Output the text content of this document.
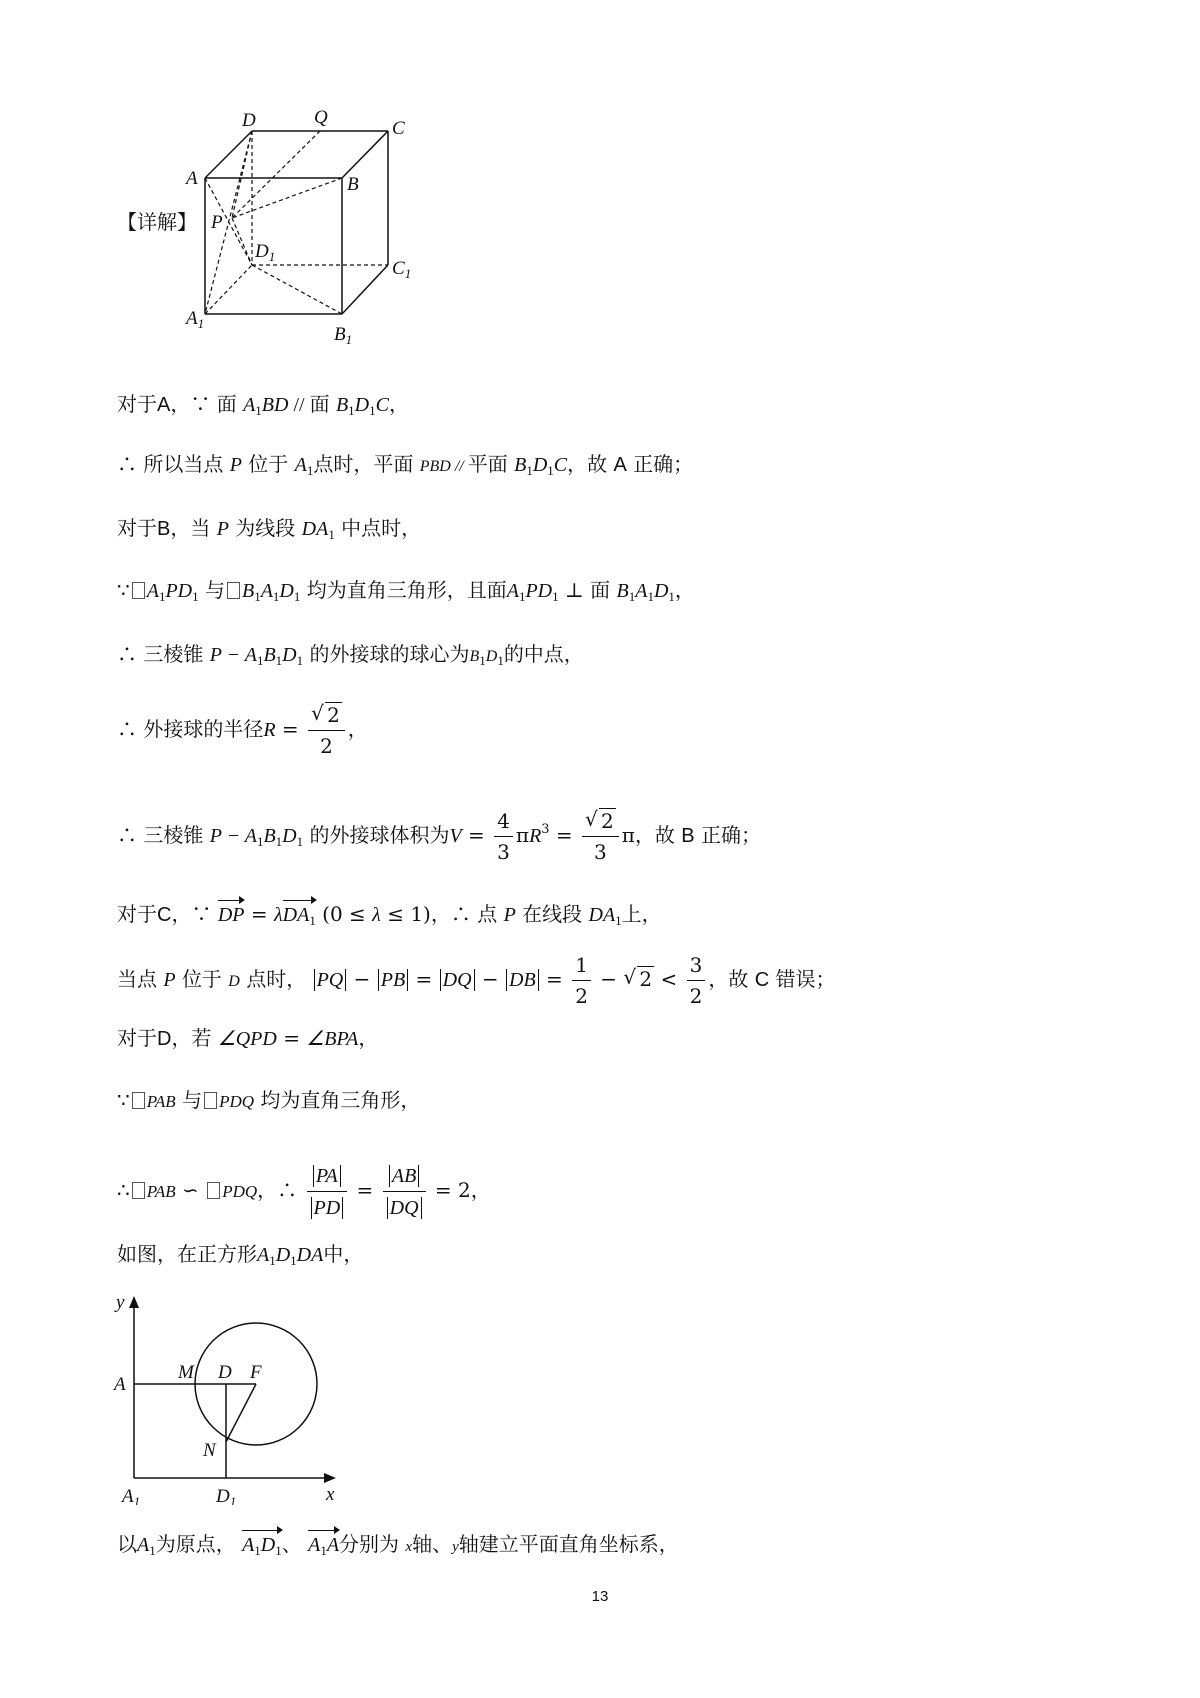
【详解】
D	Q
C
A	B
P
$D_1$
$C_1$
$A_1$
$B_1$
对于A，∵ 面 $A_1BD$ // 面 $B_1D_1C$，
∴ 所以当点 P 位于 $A_1$点时，平面 PBD // 平面 $B_1D_1C$，故 A 正确；
对于B，当 P 为线段 $DA_1$ 中点时，
∵ $A_1PD_1$ 与 $B_1A_1D_1$ 均为直角三角形，且面$A_1PD_1$ ⊥ 面 $B_1A_1D_1$，
∴ 三棱锥 $P - A_1B_1D_1$ 的外接球的球心为$B_1D_1$的中点，
∴ 外接球的半径R = √ $\frac{2}{2}$ ，
∴ 三棱锥 $P - A_1B_1D_1$ 的外接球体积为$V = \frac{4}{3} \pi R^3$ = √ $\frac{2}{3}$ π，故 B 正确；
对于C，∵ DP = λDA$_1$ (0 ≤ λ ≤ 1)，∴ 点 P 在线段 $DA_1$上，
当点 P 位于 D 点时， PQ − PB = DQ − DB = $\frac{1}{2}$ − √ $2 < \frac{3}{2}$ ，故 C 错误；
对于D，若 ∠QPD = ∠BPA，
∵ PAB 与 PDQ 均为直角三角形，
∴ PAB ∽ PDQ，∴ $\frac{PA}{PD} = \frac{AB}{DQ} = 2$，
如图，在正方形$A_1D_1DA$中，
y
A
M D F
N
$A_1$	$D_1$	x
以$A_1$为原点， $A_1D_1$、 $A_1A$分别为 x轴、y轴建立平面直角坐标系，
13
